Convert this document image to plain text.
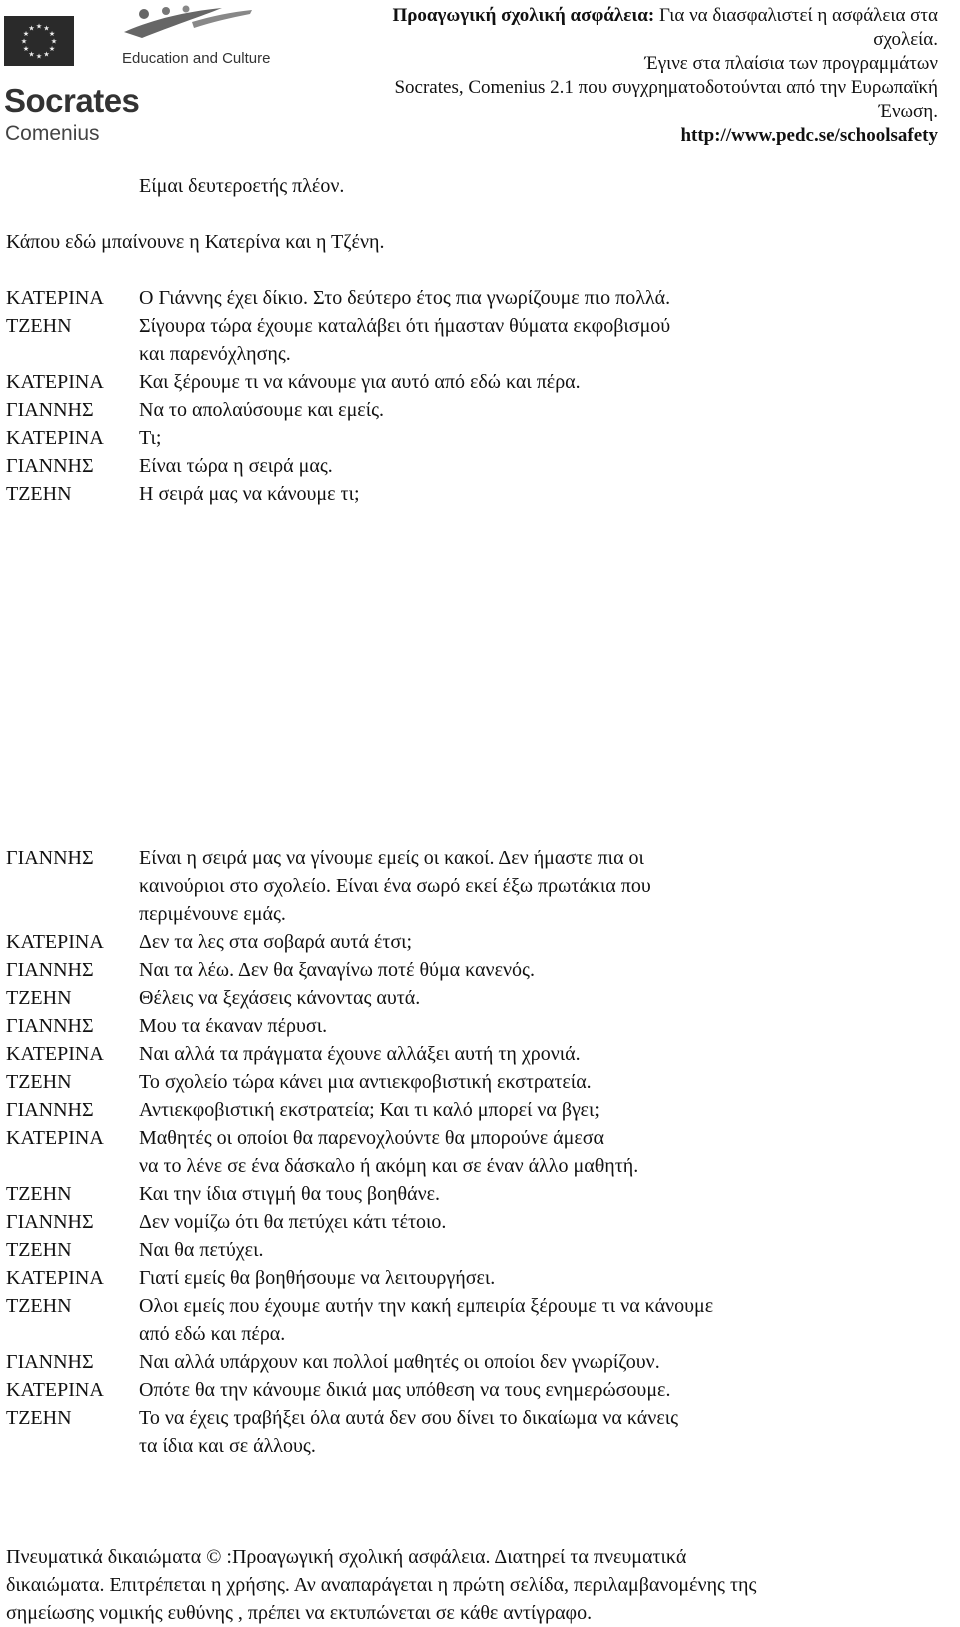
★
★
★
★
★
★
★
★
★ ★ ★
★
Education and Culture
Socrates
Comenius
Προαγωγική σχολική ασφάλεια: Για να διασφαλιστεί η ασφάλεια στα σχολεία.
Έγινε στα πλαίσια των προγραμμάτων
Socrates, Comenius 2.1 που συγχρηματοδοτούνται από την Ευρωπαϊκή Ένωση.
http://www.pedc.se/schoolsafety
Είμαι δευτεροετής πλέον.
Κάπου εδώ μπαίνουνε η Κατερίνα και η Τζένη.
ΚΑΤΕΡΙΝΑ	Ο Γιάννης έχει δίκιο. Στο δεύτερο έτος πια γνωρίζουμε πιο πολλά.
ΤΖΕΗΝ	Σίγουρα τώρα έχουμε καταλάβει ότι ήμασταν θύματα εκφοβισμού
και παρενόχλησης.
ΚΑΤΕΡΙΝΑ	Και ξέρουμε τι να κάνουμε για αυτό από εδώ και πέρα.
ΓΙΑΝΝΗΣ	Να το απολαύσουμε και εμείς.
ΚΑΤΕΡΙΝΑ	Τι;
ΓΙΑΝΝΗΣ	Είναι τώρα η σειρά μας.
ΤΖΕΗΝ	Η σειρά μας να κάνουμε τι;
ΓΙΑΝΝΗΣ	Είναι η σειρά μας να γίνουμε εμείς οι κακοί. Δεν ήμαστε πια οι
καινούριοι στο σχολείο. Είναι ένα σωρό εκεί έξω πρωτάκια που
περιμένουνε εμάς.
ΚΑΤΕΡΙΝΑ	Δεν τα λες στα σοβαρά αυτά έτσι;
ΓΙΑΝΝΗΣ	Ναι τα λέω. Δεν θα ξαναγίνω ποτέ θύμα κανενός.
ΤΖΕΗΝ	Θέλεις να ξεχάσεις κάνοντας αυτά.
ΓΙΑΝΝΗΣ	Μου τα έκαναν πέρυσι.
ΚΑΤΕΡΙΝΑ	Ναι αλλά τα πράγματα έχουνε αλλάξει αυτή τη χρονιά.
ΤΖΕΗΝ	Το σχολείο τώρα κάνει μια αντιεκφοβιστική εκστρατεία.
ΓΙΑΝΝΗΣ	Αντιεκφοβιστική εκστρατεία; Και τι καλό μπορεί να βγει;
ΚΑΤΕΡΙΝΑ	Μαθητές οι οποίοι θα παρενοχλούντε θα μπορούνε άμεσα
να το λένε σε ένα δάσκαλο ή ακόμη και σε έναν άλλο μαθητή.
ΤΖΕΗΝ	Και την ίδια στιγμή θα τους βοηθάνε.
ΓΙΑΝΝΗΣ	Δεν νομίζω ότι θα πετύχει κάτι τέτοιο.
ΤΖΕΗΝ	Ναι θα πετύχει.
ΚΑΤΕΡΙΝΑ	Γιατί εμείς θα βοηθήσουμε να λειτουργήσει.
ΤΖΕΗΝ	Ολοι εμείς που έχουμε αυτήν την κακή εμπειρία ξέρουμε τι να κάνουμε
από εδώ και πέρα.
ΓΙΑΝΝΗΣ	Ναι αλλά υπάρχουν και πολλοί μαθητές οι οποίοι δεν γνωρίζουν.
ΚΑΤΕΡΙΝΑ	Οπότε θα την κάνουμε δικιά μας υπόθεση να τους ενημερώσουμε.
ΤΖΕΗΝ	Το να έχεις τραβήξει όλα αυτά δεν σου δίνει το δικαίωμα να κάνεις
τα ίδια και σε άλλους.
Πνευματικά δικαιώματα © :Προαγωγική σχολική ασφάλεια. Διατηρεί τα πνευματικά
δικαιώματα. Επιτρέπεται η χρήσης. Αν αναπαράγεται η πρώτη σελίδα, περιλαμβανομένης της
σημείωσης νομικής ευθύνης , πρέπει να εκτυπώνεται σε κάθε αντίγραφο.
